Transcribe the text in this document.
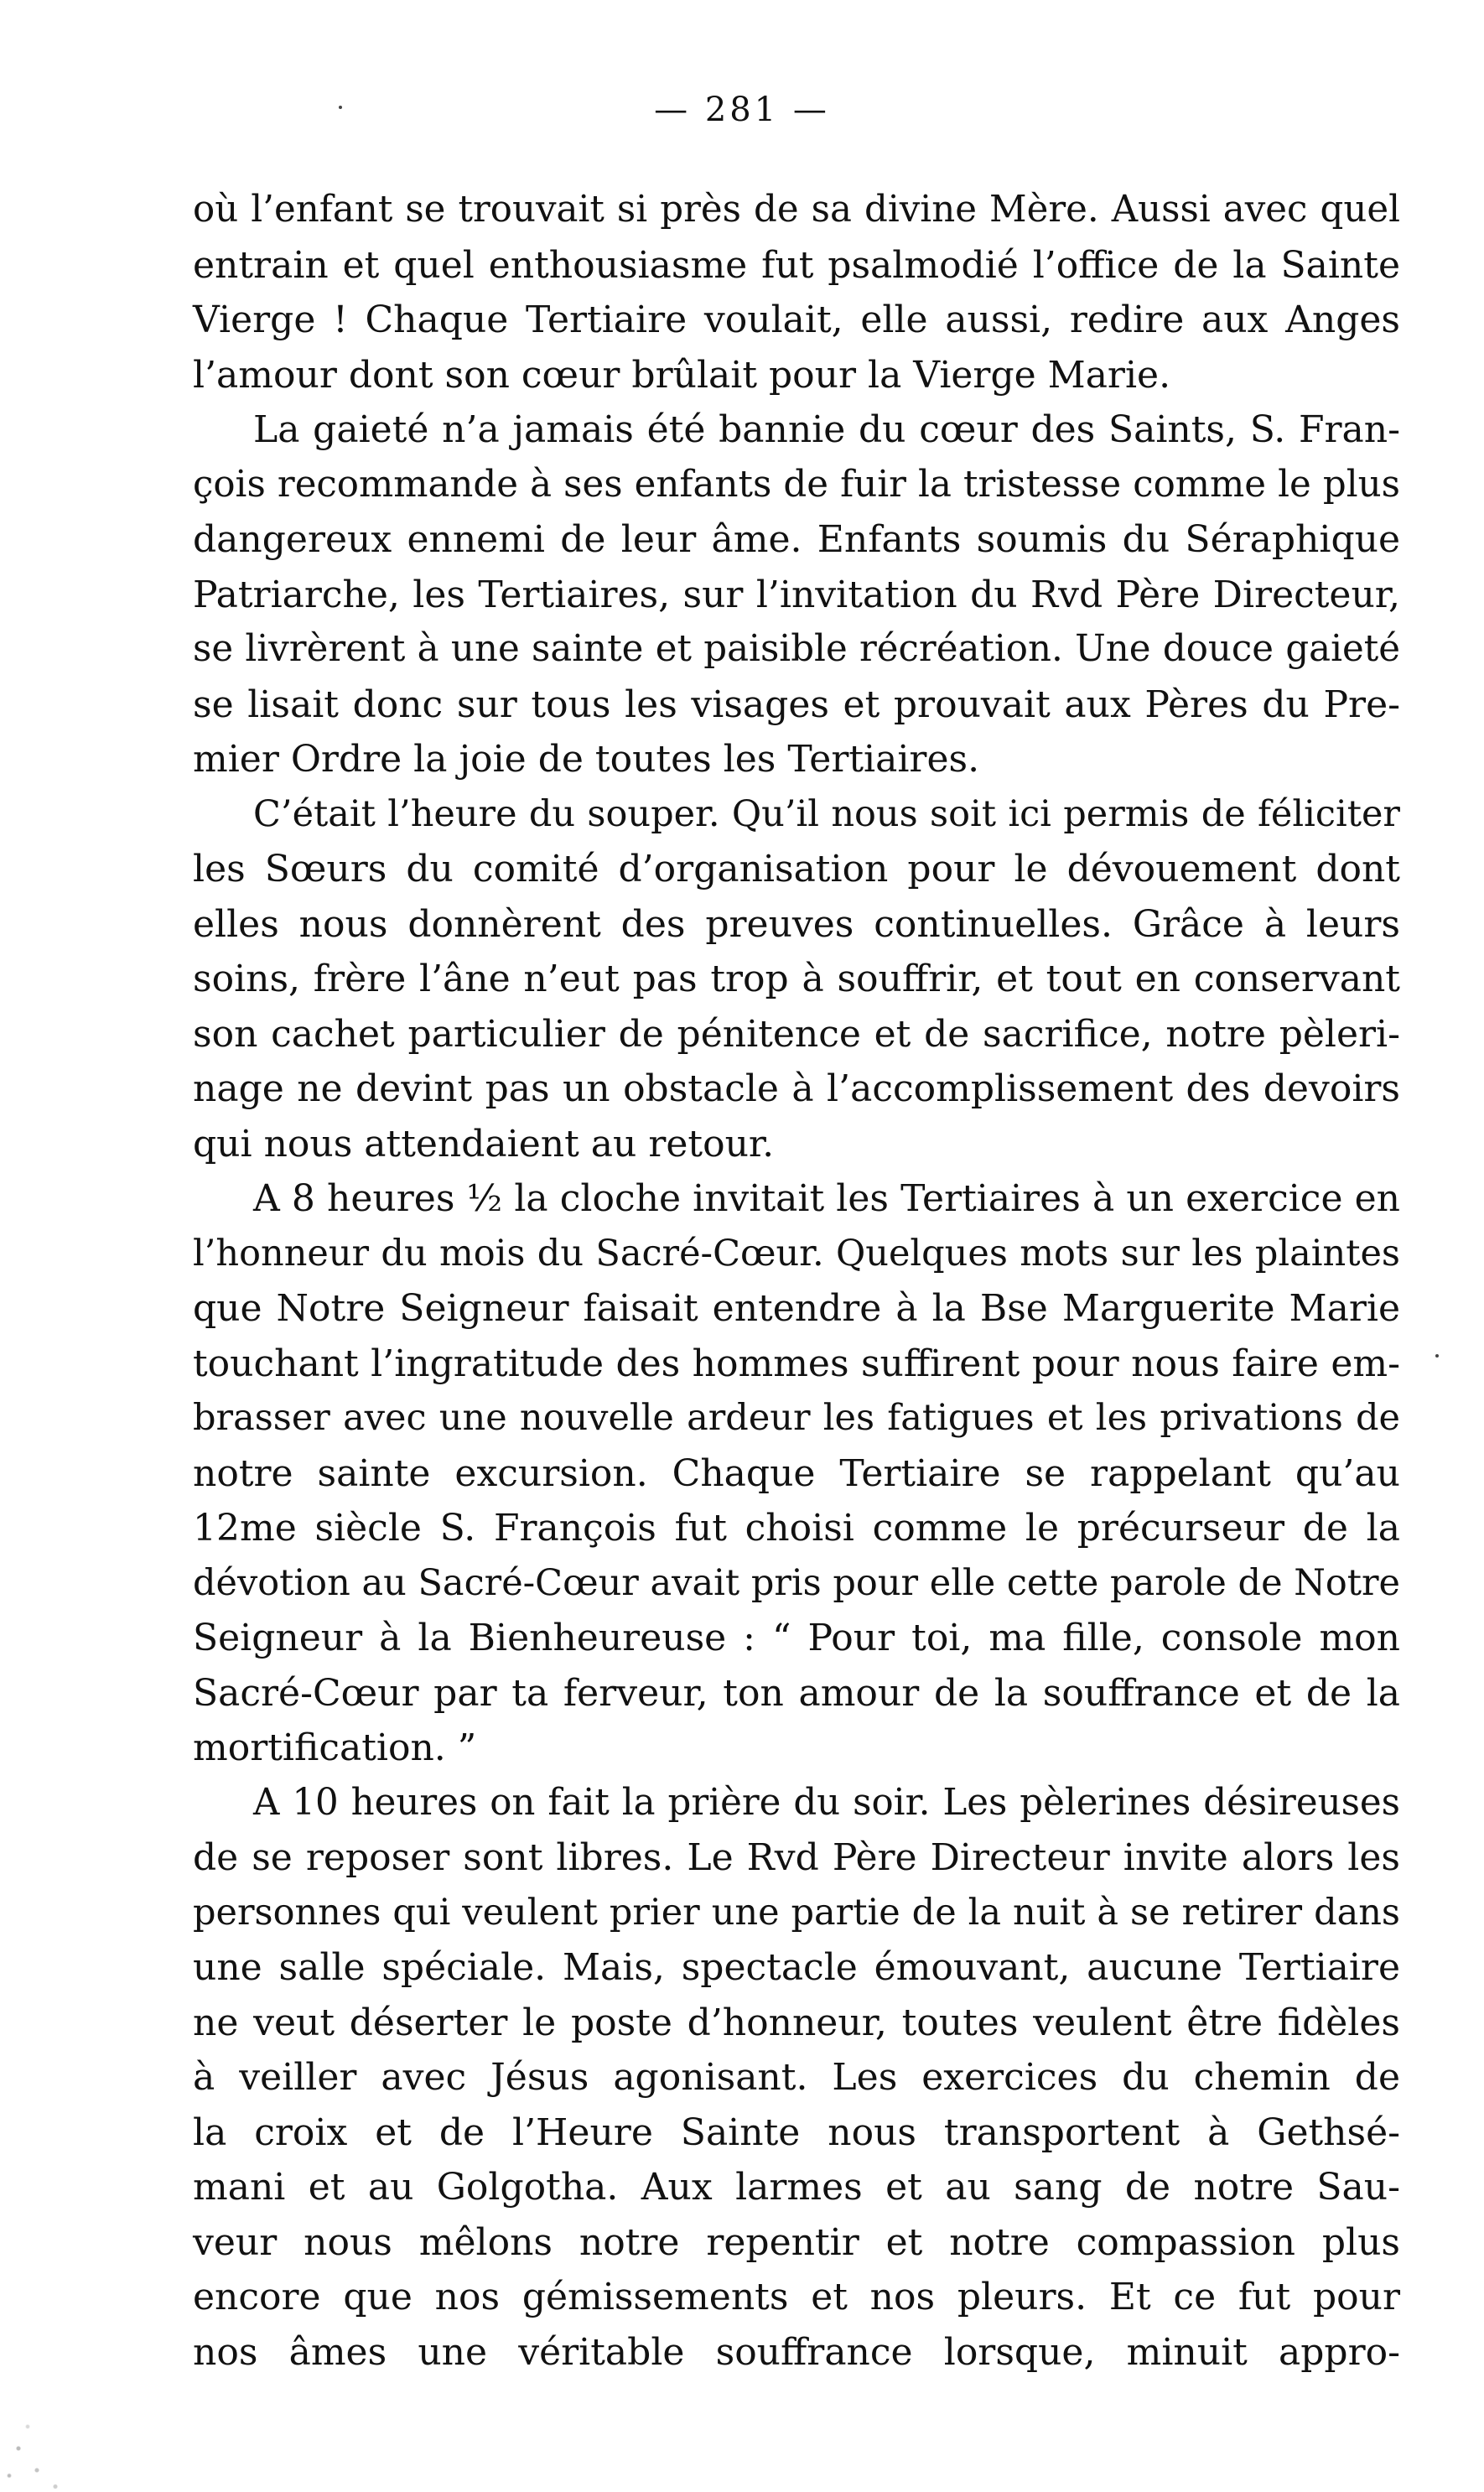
— 281 —
où l’enfant se trouvait si près de sa divine Mère. Aussi avec quel
entrain et quel enthousiasme fut psalmodié l’office de la Sainte
Vierge ! Chaque Tertiaire voulait, elle aussi, redire aux Anges
l’amour dont son cœur brûlait pour la Vierge Marie.
La gaieté n’a jamais été bannie du cœur des Saints, S. Fran-
çois recommande à ses enfants de fuir la tristesse comme le plus
dangereux ennemi de leur âme. Enfants soumis du Séraphique
Patriarche, les Tertiaires, sur l’invitation du Rvd Père Directeur,
se livrèrent à une sainte et paisible récréation. Une douce gaieté
se lisait donc sur tous les visages et prouvait aux Pères du Pre-
mier Ordre la joie de toutes les Tertiaires.
C’était l’heure du souper. Qu’il nous soit ici permis de féliciter
les Sœurs du comité d’organisation pour le dévouement dont
elles nous donnèrent des preuves continuelles. Grâce à leurs
soins, frère l’âne n’eut pas trop à souffrir, et tout en conservant
son cachet particulier de pénitence et de sacrifice, notre pèleri-
nage ne devint pas un obstacle à l’accomplissement des devoirs
qui nous attendaient au retour.
A 8 heures ½ la cloche invitait les Tertiaires à un exercice en
l’honneur du mois du Sacré-Cœur. Quelques mots sur les plaintes
que Notre Seigneur faisait entendre à la Bse Marguerite Marie
touchant l’ingratitude des hommes suffirent pour nous faire em-
brasser avec une nouvelle ardeur les fatigues et les privations de
notre sainte excursion. Chaque Tertiaire se rappelant qu’au
12me siècle S. François fut choisi comme le précurseur de la
dévotion au Sacré-Cœur avait pris pour elle cette parole de Notre
Seigneur à la Bienheureuse : “ Pour toi, ma fille, console mon
Sacré-Cœur par ta ferveur, ton amour de la souffrance et de la
mortification. ”
A 10 heures on fait la prière du soir. Les pèlerines désireuses
de se reposer sont libres. Le Rvd Père Directeur invite alors les
personnes qui veulent prier une partie de la nuit à se retirer dans
une salle spéciale. Mais, spectacle émouvant, aucune Tertiaire
ne veut déserter le poste d’honneur, toutes veulent être fidèles
à veiller avec Jésus agonisant. Les exercices du chemin de
la croix et de l’Heure Sainte nous transportent à Gethsé-
mani et au Golgotha. Aux larmes et au sang de notre Sau-
veur nous mêlons notre repentir et notre compassion plus
encore que nos gémissements et nos pleurs. Et ce fut pour
nos âmes une véritable souffrance lorsque, minuit appro-
